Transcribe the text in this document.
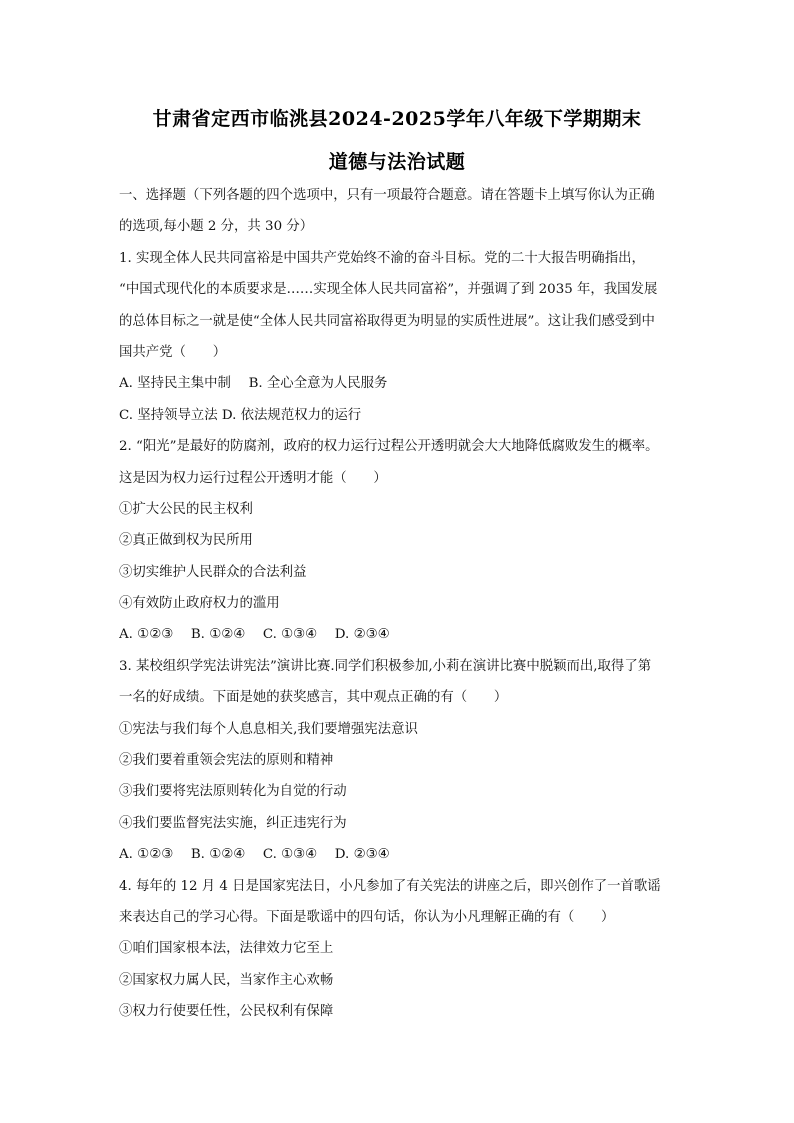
甘肃省定西市临洮县2024-2025学年八年级下学期期末
道德与法治试题
一、选择题（下列各题的四个选项中，只有一项最符合题意。请在答题卡上填写你认为正确
的选项,每小题 2 分，共 30 分）
1. 实现全体人民共同富裕是中国共产党始终不渝的奋斗目标。党的二十大报告明确指出，
“中国式现代化的本质要求是……实现全体人民共同富裕”，并强调了到 2035 年，我国发展
的总体目标之一就是使“全体人民共同富裕取得更为明显的实质性进展”。这让我们感受到中
国共产党（　　）
A. 坚持民主集中制　 B. 全心全意为人民服务
C. 坚持领导立法 D. 依法规范权力的运行
2. “阳光”是最好的防腐剂，政府的权力运行过程公开透明就会大大地降低腐败发生的概率。
这是因为权力运行过程公开透明才能（　　）
①扩大公民的民主权利
②真正做到权为民所用
③切实维护人民群众的合法利益
④有效防止政府权力的滥用
A. ①②③　 B. ①②④　 C. ①③④　 D. ②③④
3. 某校组织学宪法讲宪法”演讲比赛.同学们积极参加,小莉在演讲比赛中脱颖而出,取得了第
一名的好成绩。下面是她的获奖感言，其中观点正确的有（　　）
①宪法与我们每个人息息相关,我们要增强宪法意识
②我们要着重领会宪法的原则和精神
③我们要将宪法原则转化为自觉的行动
④我们要监督宪法实施，纠正违宪行为
A. ①②③　 B. ①②④　 C. ①③④　 D. ②③④
4. 每年的 12 月 4 日是国家宪法日，小凡参加了有关宪法的讲座之后，即兴创作了一首歌谣
来表达自己的学习心得。下面是歌谣中的四句话，你认为小凡理解正确的有（　　）
①咱们国家根本法，法律效力它至上
②国家权力属人民，当家作主心欢畅
③权力行使要任性，公民权利有保障
